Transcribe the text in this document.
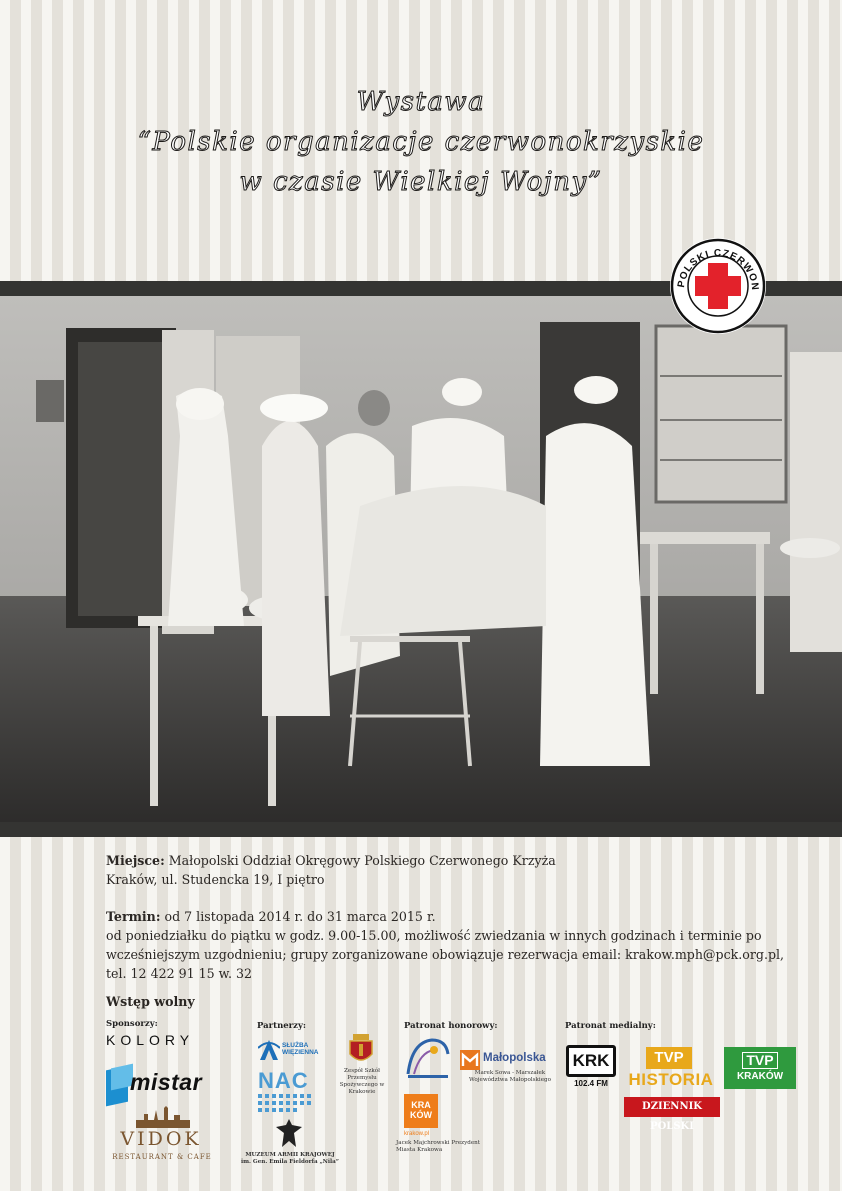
Wystawa
“Polskie organizacje czerwonokrzyskie
w czasie Wielkiej Wojny”
POLSKI CZERWON
Miejsce: Małopolski Oddział Okręgowy Polskiego Czerwonego Krzyża
Kraków, ul. Studencka 19, I piętro
Termin: od 7 listopada 2014 r. do 31 marca 2015 r.
od poniedziałku do piątku w godz. 9.00-15.00, możliwość zwiedzania w innych godzinach i terminie po
wcześniejszym uzgodnieniu; grupy zorganizowane obowiązuje rezerwacja email: krakow.mph@pck.org.pl,
tel. 12 422 91 15 w. 32
Wstęp wolny
Sponsorzy:
KOLORY
mistar
VIDOK
RESTAURANT & CAFE
Partnerzy:
SŁUŻBA WIĘZIENNA
NAC
MUZEUM ARMII KRAJOWEJ im. Gen. Emila Fieldorfa „Nila”
Zespół Szkół Przemysłu Spożywczego w Krakowie
Patronat honorowy:
Małopolska
Marek Sowa - Marszałek Województwa Małopolskiego
KRA KÓW
krakow.pl
Jacek Majchrowski Prezydent Miasta Krakowa
Patronat medialny:
KRK
102.4 FM
TVP
HISTORIA
DZIENNIK POLSKI
TVP
KRAKÓW
